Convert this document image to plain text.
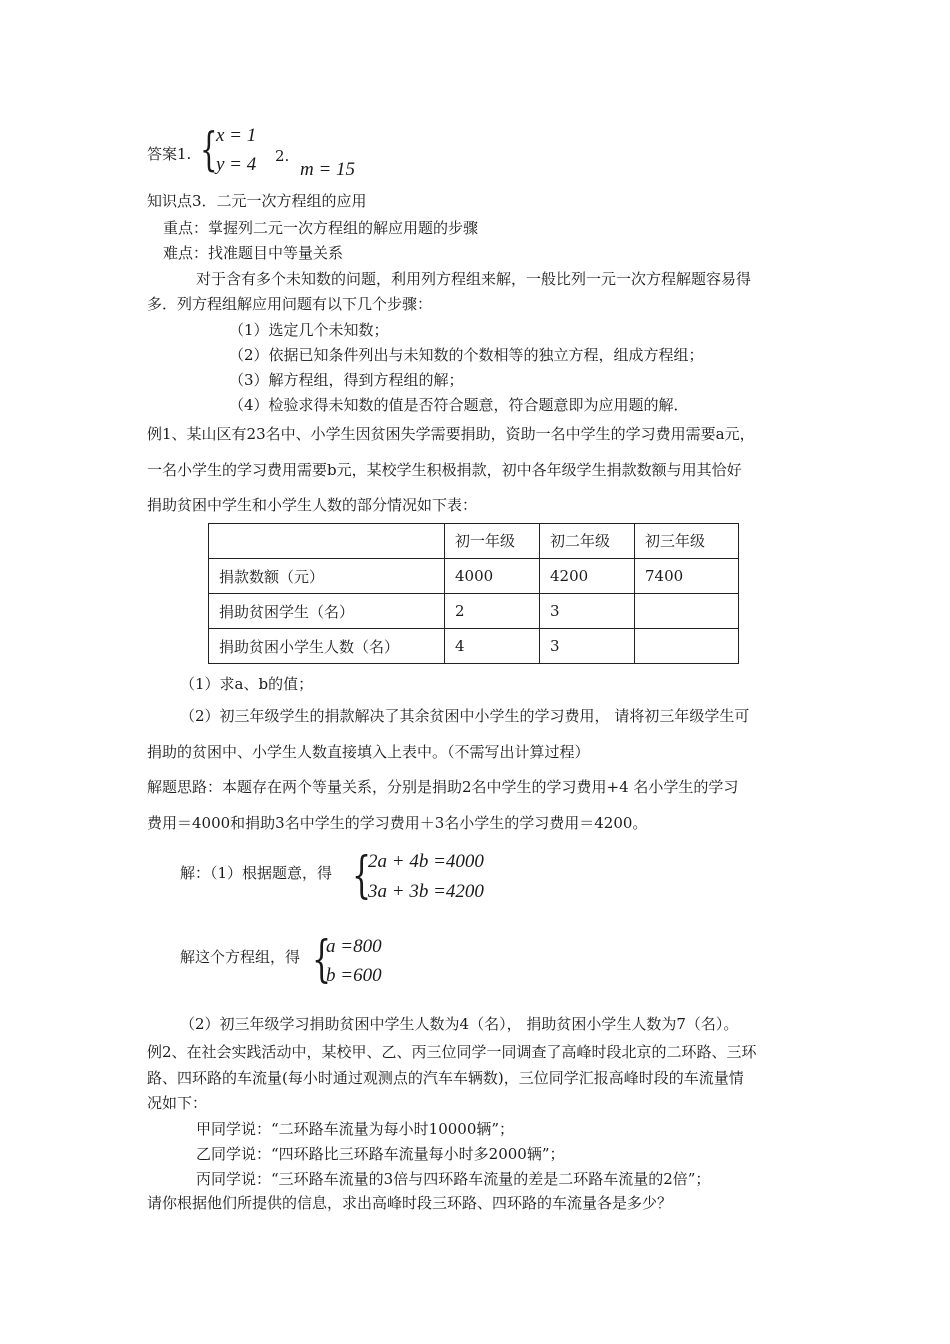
答案1. {
x = 1
y = 4 2.
m = 15
知识点3．二元一次方程组的应用
重点：掌握列二元一次方程组的解应用题的步骤
难点：找准题目中等量关系
对于含有多个未知数的问题，利用列方程组来解，一般比列一元一次方程解题容易得
多．列方程组解应用问题有以下几个步骤：
（1）选定几个未知数；
（2）依据已知条件列出与未知数的个数相等的独立方程，组成方程组；
（3）解方程组，得到方程组的解；
（4）检验求得未知数的值是否符合题意，符合题意即为应用题的解．
例1、某山区有23名中、小学生因贫困失学需要捐助，资助一名中学生的学习费用需要a元，
一名小学生的学习费用需要b元，某校学生积极捐款，初中各年级学生捐款数额与用其恰好
捐助贫困中学生和小学生人数的部分情况如下表：
	初一年级	初二年级	初三年级
捐款数额（元）	4000	4200	7400
捐助贫困学生（名）	2	3	
捐助贫困小学生人数（名）	4	3	
（1）求a、b的值；
（2）初三年级学生的捐款解决了其余贫困中小学生的学习费用， 请将初三年级学生可
捐助的贫困中、小学生人数直接填入上表中。（不需写出计算过程）
解题思路：本题存在两个等量关系，分别是捐助2名中学生的学习费用+4 名小学生的学习
费用＝4000和捐助3名中学生的学习费用＋3名小学生的学习费用＝4200。
解：（1）根据题意，得 {
2a + 4b =4000
3a + 3b =4200
解这个方程组，得 {
a =800
b =600
（2）初三年级学习捐助贫困中学生人数为4（名）， 捐助贫困小学生人数为7（名）。
例2、在社会实践活动中，某校甲、乙、丙三位同学一同调查了高峰时段北京的二环路、三环
路、四环路的车流量(每小时通过观测点的汽车车辆数)，三位同学汇报高峰时段的车流量情
况如下：
甲同学说：“二环路车流量为每小时10000辆”；
乙同学说：“四环路比三环路车流量每小时多2000辆”；
丙同学说：“三环路车流量的3倍与四环路车流量的差是二环路车流量的2倍”；
请你根据他们所提供的信息，求出高峰时段三环路、四环路的车流量各是多少？
